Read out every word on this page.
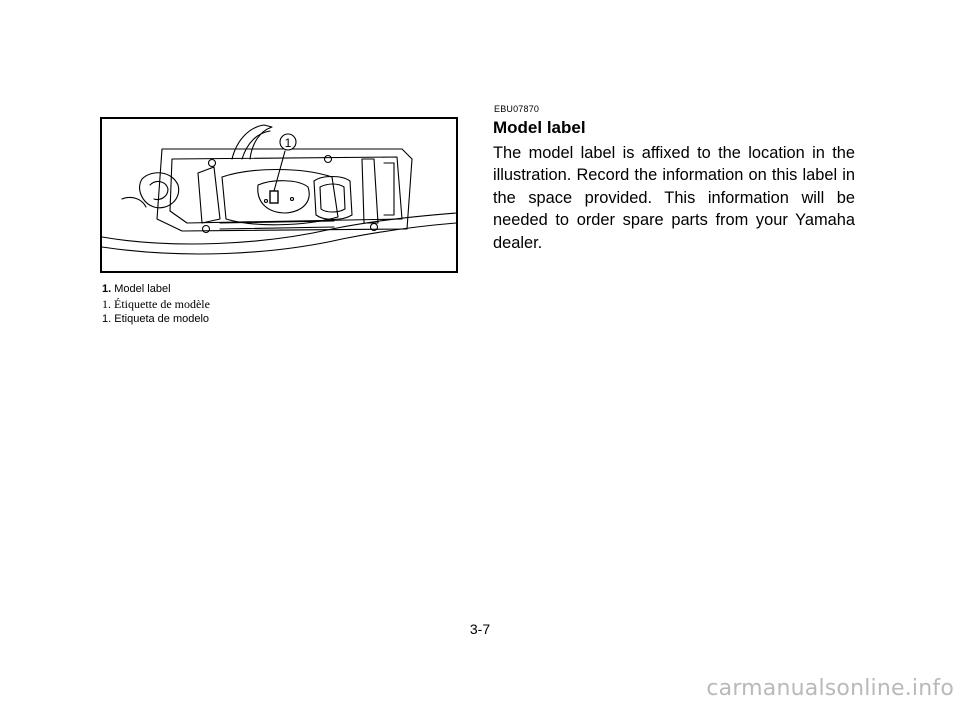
1
1. Model label
1. Étiquette de modèle
1. Etiqueta de modelo
EBU07870
Model label

The model label is affixed to the location in the illustration. Record the information on this label in the space provided. This information will be needed to order spare parts from your Yamaha dealer.

3-7
carmanualsonline.info
